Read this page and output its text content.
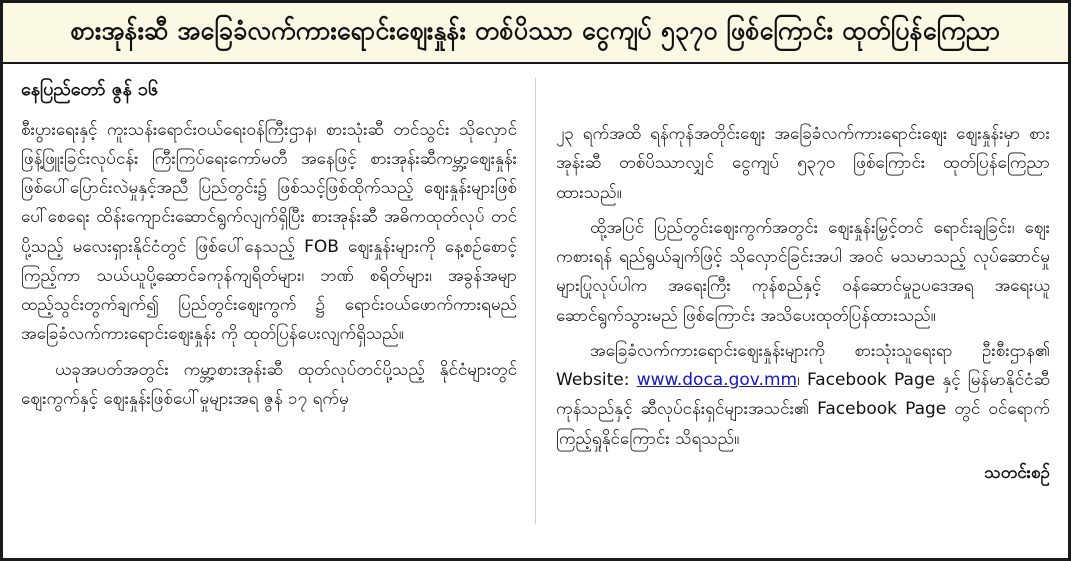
စားအုန်းဆီ အခြေခံလက်ကားရောင်းဈေးနှုန်း တစ်ပိဿာ ငွေကျပ် ၅၃၇၀ ဖြစ်ကြောင်း ထုတ်ပြန်ကြေညာ
နေပြည်တော် ဇွန် ၁၆

စီးပွားရေးနှင့် ကူးသန်းရောင်းဝယ်ရေးဝန်ကြီးဌာန၊ စားသုံးဆီ တင်သွင်း သိုလှောင်ဖြန့်ဖြူးခြင်းလုပ်ငန်း ကြီးကြပ်ရေးကော်မတီ အနေဖြင့် စားအုန်းဆီကမ္ဘာ့ဈေးနှုန်း ဖြစ်ပေါ်ပြောင်းလဲမှုနှင့်အညီ ပြည်တွင်း၌ ဖြစ်သင့်ဖြစ်ထိုက်သည့် ဈေးနှုန်းများဖြစ်ပေါ်စေရေး ထိန်းကျောင်းဆောင်ရွက်လျက်ရှိပြီး စားအုန်းဆီ အဓိကထုတ်လုပ် တင်ပို့သည့် မလေးရှားနိုင်ငံတွင် ဖြစ်ပေါ်နေသည့် FOB ဈေးနှုန်းများကို နေ့စဉ်စောင့်ကြည့်ကာ သယ်ယူပို့ဆောင်ခကုန်ကျရိတ်များ၊ ဘဏ် စရိတ်များ၊ အခွန်အမျာ ထည့်သွင်းတွက်ချက်၍ ပြည်တွင်းဈေးကွက် ၌ ရောင်းဝယ်ဖောက်ကားရမည် အခြေခံလက်ကားရောင်းဈေးနှုန်း ကို ထုတ်ပြန်ပေးလျက်ရှိသည်။

ယခုအပတ်အတွင်း ကမ္ဘာ့စားအုန်းဆီ ထုတ်လုပ်တင်ပို့သည့် နိုင်ငံများတွင် ဈေးကွက်နှင့် ဈေးနှုန်းဖြစ်ပေါ်မှုများအရ ဇွန် ၁၇ ရက်မှ

၂၃ ရက်အထိ ရန်ကုန်အတိုင်းဈေး အခြေခံလက်ကားရောင်းဈေး ဈေးနှုန်းမှာ စားအုန်းဆီ တစ်ပိဿာလျှင် ငွေကျပ် ၅၃၇၀ ဖြစ်ကြောင်း ထုတ်ပြန်ကြေညာထားသည်။

ထို့အပြင် ပြည်တွင်းဈေးကွက်အတွင်း ဈေးနှုန်းမြှင့်တင် ရောင်းချခြင်း၊ ဈေးကစားရန် ရည်ရွယ်ချက်ဖြင့် သိုလှောင်ခြင်းအပါ အဝင် မသမာသည့် လုပ်ဆောင်မှုများပြုလုပ်ပါက အရေးကြီး ကုန်စည်နှင့် ဝန်ဆောင်မှုဥပဒေအရ အရေးယူဆောင်ရွက်သွားမည် ဖြစ်ကြောင်း အသိပေးထုတ်ပြန်ထားသည်။

အခြေခံလက်ကားရောင်းဈေးနှုန်းများကို စားသုံးသူရေးရာ ဦးစီးဌာန၏ Website: www.doca.gov.mm၊ Facebook Page နှင့် မြန်မာနိုင်ငံဆီကုန်သည်နှင့် ဆီလုပ်ငန်းရှင်များအသင်း၏ Facebook Page တွင် ဝင်ရောက်ကြည့်ရှုနိုင်ကြောင်း သိရသည်။

သတင်းစဉ်
